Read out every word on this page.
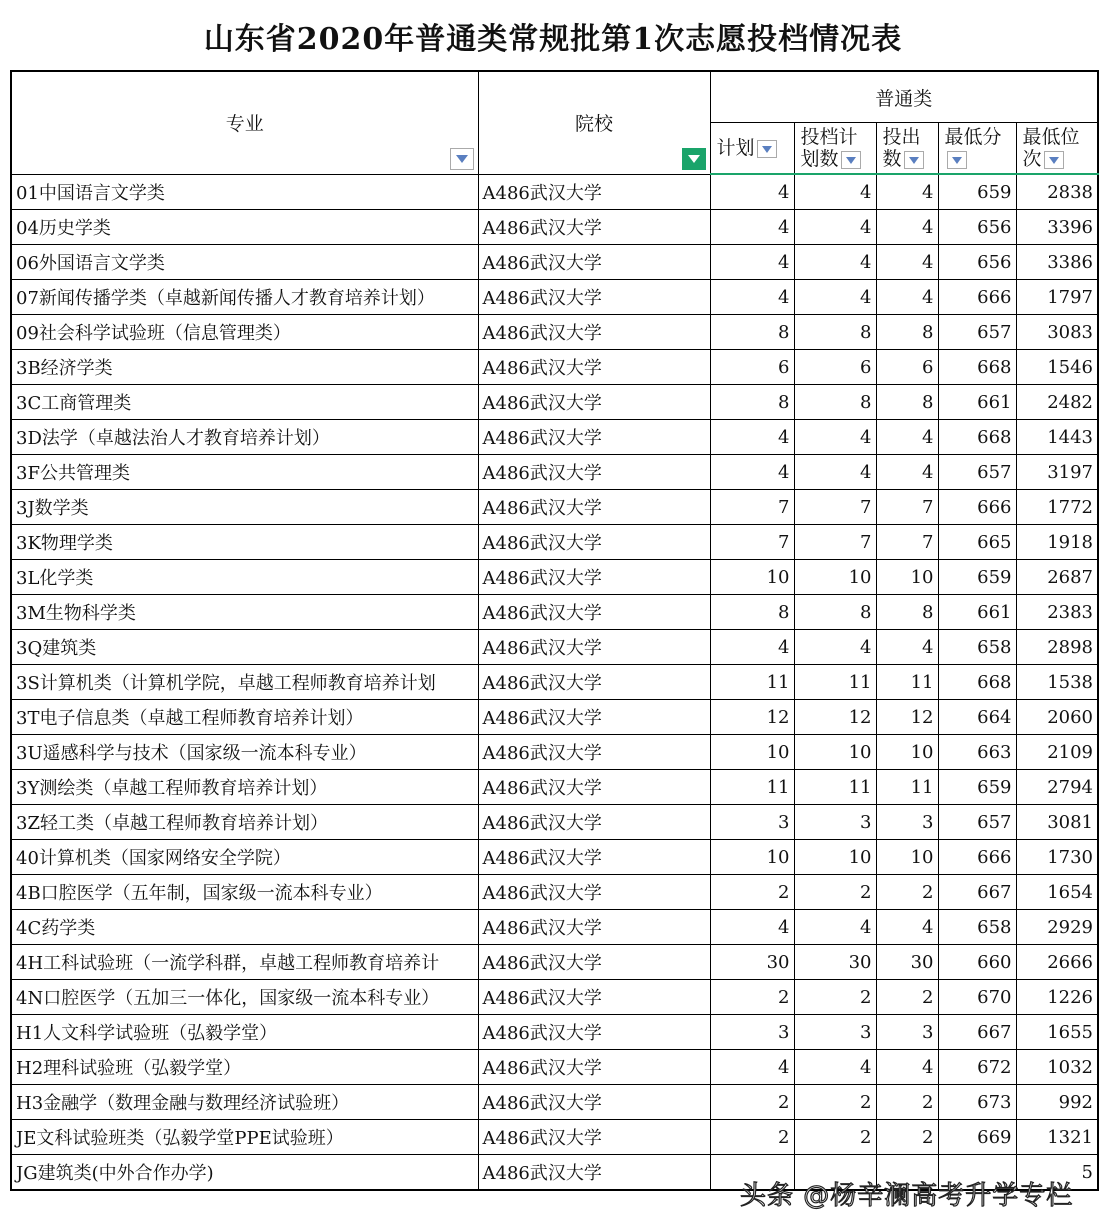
山东省2020年普通类常规批第1次志愿投档情况表
专业	院校	普通类				
		计划	投档计划数	投出数	最低分	最低位次
01中国语言文学类	A486武汉大学	4	4	4	659	2838
04历史学类	A486武汉大学	4	4	4	656	3396
06外国语言文学类	A486武汉大学	4	4	4	656	3386
07新闻传播学类（卓越新闻传播人才教育培养计划）	A486武汉大学	4	4	4	666	1797
09社会科学试验班（信息管理类）	A486武汉大学	8	8	8	657	3083
3B经济学类	A486武汉大学	6	6	6	668	1546
3C工商管理类	A486武汉大学	8	8	8	661	2482
3D法学（卓越法治人才教育培养计划）	A486武汉大学	4	4	4	668	1443
3F公共管理类	A486武汉大学	4	4	4	657	3197
3J数学类	A486武汉大学	7	7	7	666	1772
3K物理学类	A486武汉大学	7	7	7	665	1918
3L化学类	A486武汉大学	10	10	10	659	2687
3M生物科学类	A486武汉大学	8	8	8	661	2383
3Q建筑类	A486武汉大学	4	4	4	658	2898
3S计算机类（计算机学院，卓越工程师教育培养计划	A486武汉大学	11	11	11	668	1538
3T电子信息类（卓越工程师教育培养计划）	A486武汉大学	12	12	12	664	2060
3U遥感科学与技术（国家级一流本科专业）	A486武汉大学	10	10	10	663	2109
3Y测绘类（卓越工程师教育培养计划）	A486武汉大学	11	11	11	659	2794
3Z轻工类（卓越工程师教育培养计划）	A486武汉大学	3	3	3	657	3081
40计算机类（国家网络安全学院）	A486武汉大学	10	10	10	666	1730
4B口腔医学（五年制，国家级一流本科专业）	A486武汉大学	2	2	2	667	1654
4C药学类	A486武汉大学	4	4	4	658	2929
4H工科试验班（一流学科群，卓越工程师教育培养计	A486武汉大学	30	30	30	660	2666
4N口腔医学（五加三一体化，国家级一流本科专业）	A486武汉大学	2	2	2	670	1226
H1人文科学试验班（弘毅学堂）	A486武汉大学	3	3	3	667	1655
H2理科试验班（弘毅学堂）	A486武汉大学	4	4	4	672	1032
H3金融学（数理金融与数理经济试验班）	A486武汉大学	2	2	2	673	992
JE文科试验班类（弘毅学堂PPE试验班）	A486武汉大学	2	2	2	669	1321
JG建筑类(中外合作办学)	A486武汉大学					5
头条 @杨辛澜高考升学专栏
